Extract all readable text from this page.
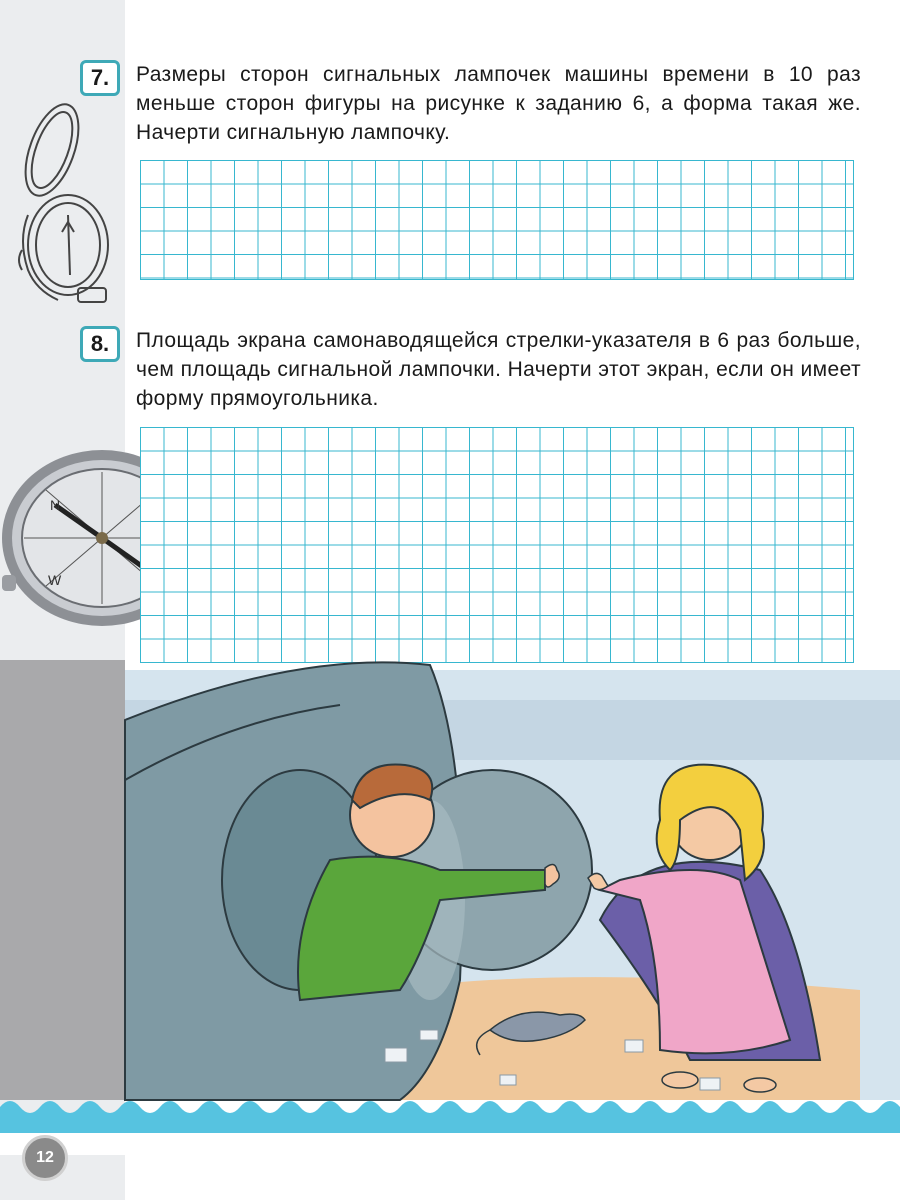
N
W
7.	Размеры сторон сигнальных лампочек машины времени в 10 раз меньше сторон фигуры на рисунке к заданию 6, а форма такая же. Начерти сигнальную лампочку.
8.	Площадь экрана самонаводящейся стрелки-указателя в 6 раз больше, чем площадь сигнальной лампочки. Начерти этот экран, если он имеет форму прямоугольника.
12
